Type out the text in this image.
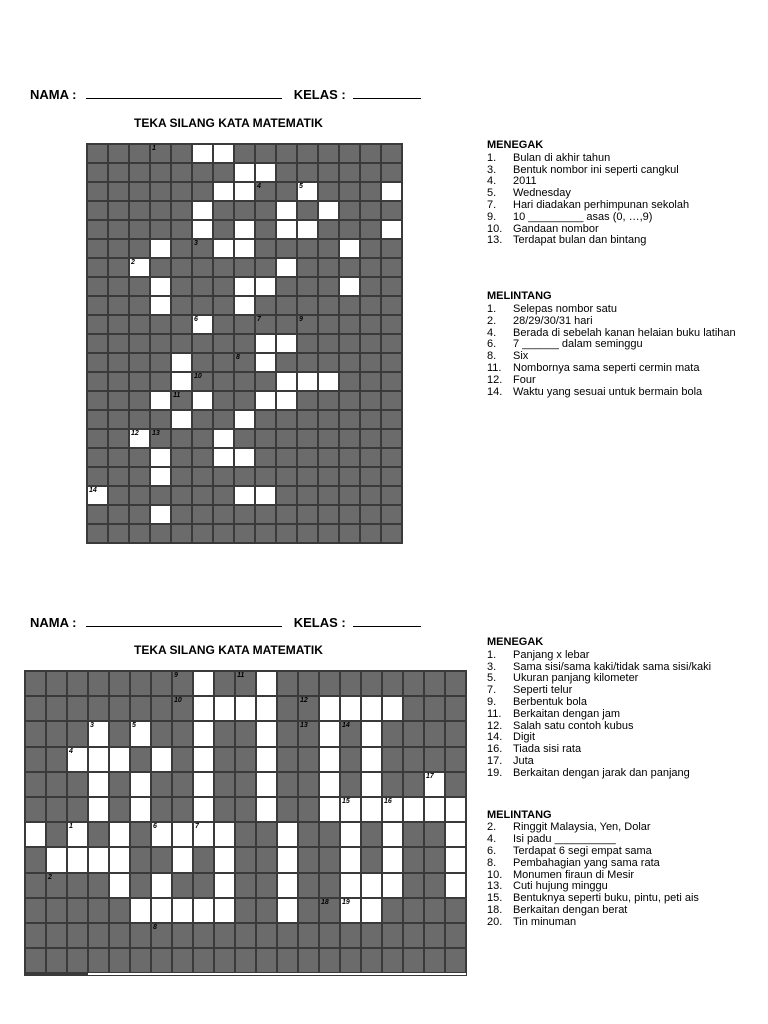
NAMA :	KELAS :
TEKA SILANG KATA MATEMATIK
1
4	5
3
2
6	7	9
8
10
11
12 13
14
MENEGAK
1.	Bulan di akhir tahun
3.	Bentuk nombor ini seperti cangkul
4.	2011
5.	Wednesday
7.	Hari diadakan perhimpunan sekolah
9.	10 _________ asas (0, …,9)
10. Gandaan nombor
13. Terdapat bulan dan bintang
MELINTANG
1.	Selepas nombor satu
2.	28/29/30/31 hari
4.	Berada di sebelah kanan helaian buku latihan
6.	7 ______ dalam seminggu
8.	Six
11.	Nombornya sama seperti cermin mata
12. Four
14. Waktu yang sesuai untuk bermain bola
NAMA :	KELAS :
TEKA SILANG KATA MATEMATIK
9	11
10	12
3	5	13	14
4
17
15	16
1	6	7
2
18 19
8
MENEGAK
1.	Panjang x lebar
3.	Sama sisi/sama kaki/tidak sama sisi/kaki
5.	Ukuran panjang kilometer
7.	Seperti telur
9.	Berbentuk bola
11.	Berkaitan dengan jam
12. Salah satu contoh kubus
14. Digit
16. Tiada sisi rata
17. Juta
19. Berkaitan dengan jarak dan panjang
MELINTANG
2.	Ringgit Malaysia, Yen, Dolar
4.	Isi padu __________
6.	Terdapat 6 segi empat sama
8.	Pembahagian yang sama rata
10. Monumen firaun di Mesir
13. Cuti hujung minggu
15. Bentuknya seperti buku, pintu, peti ais
18. Berkaitan dengan berat
20. Tin minuman
